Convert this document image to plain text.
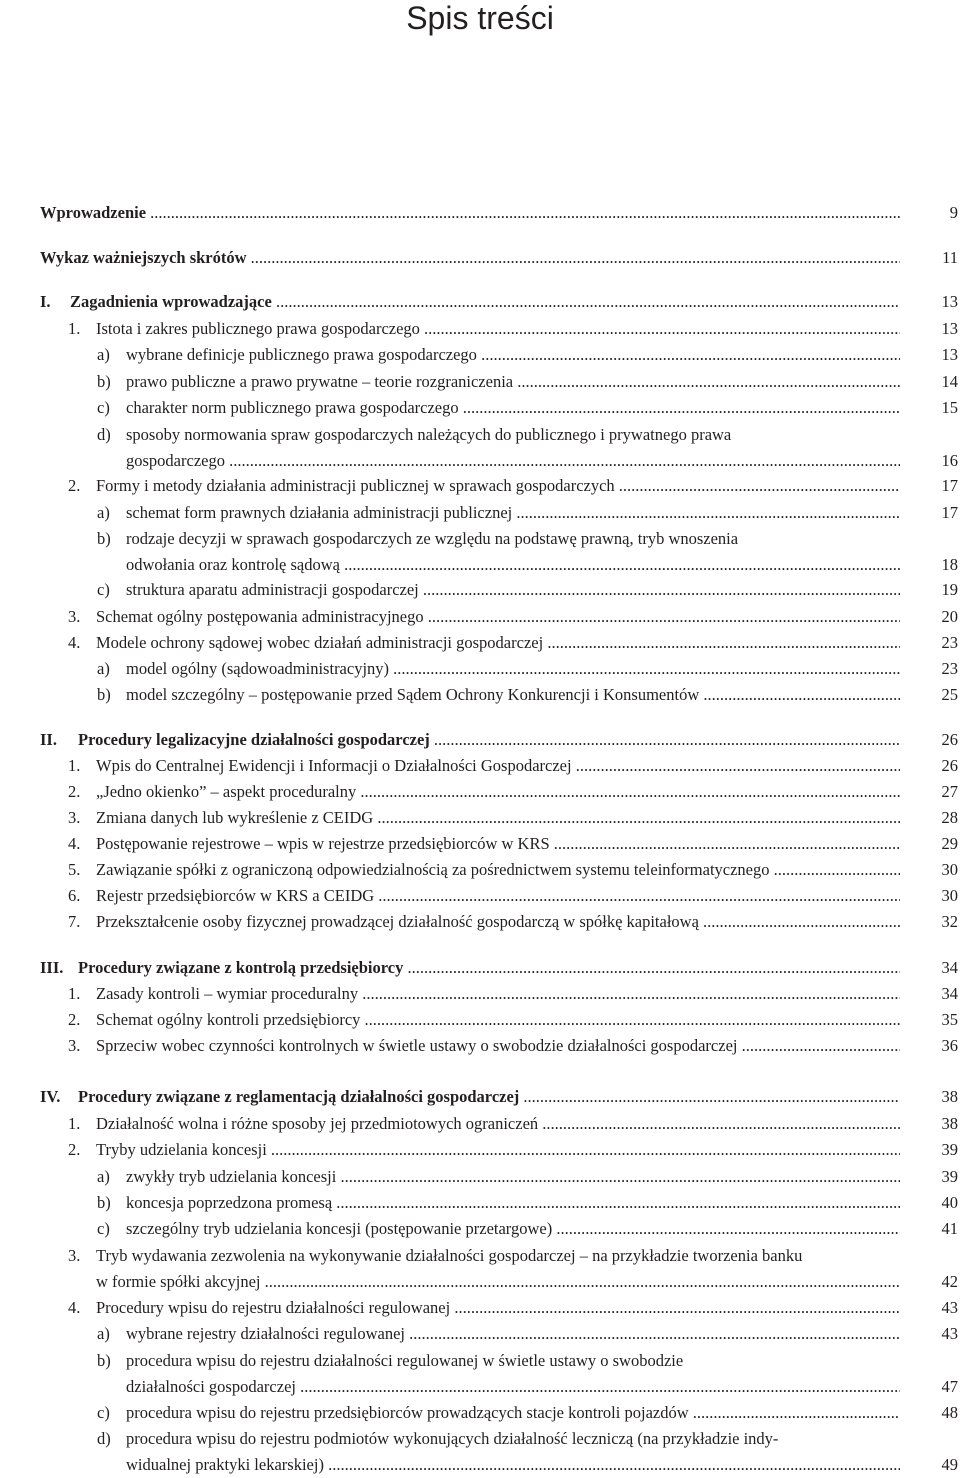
Spis treści
Wprowadzenie .....	9
Wykaz ważniejszych skrótów .....	11
I. Zagadnienia wprowadzające .....	13
1. Istota i zakres publicznego prawa gospodarczego .....	13
a) wybrane definicje publicznego prawa gospodarczego .....	13
b) prawo publiczne a prawo prywatne – teorie rozgraniczenia .....	14
c) charakter norm publicznego prawa gospodarczego .....	15
d) sposoby normowania spraw gospodarczych należących do publicznego i prywatnego prawa
gospodarczego .....	16
2. Formy i metody działania administracji publicznej w sprawach gospodarczych .....	17
a) schemat form prawnych działania administracji publicznej .....	17
b) rodzaje decyzji w sprawach gospodarczych ze względu na podstawę prawną, tryb wnoszenia
odwołania oraz kontrolę sądową .....	18
c) struktura aparatu administracji gospodarczej .....	19
3. Schemat ogólny postępowania administracyjnego .....	20
4. Modele ochrony sądowej wobec działań administracji gospodarczej .....	23
a) model ogólny (sądowoadministracyjny) .....	23
b) model szczególny – postępowanie przed Sądem Ochrony Konkurencji i Konsumentów .....	25
II. Procedury legalizacyjne działalności gospodarczej .....	26
1. Wpis do Centralnej Ewidencji i Informacji o Działalności Gospodarczej .....	26
2. „Jedno okienko” – aspekt proceduralny .....	27
3. Zmiana danych lub wykreślenie z CEIDG .....	28
4. Postępowanie rejestrowe – wpis w rejestrze przedsiębiorców w KRS .....	29
5. Zawiązanie spółki z ograniczoną odpowiedzialnością za pośrednictwem systemu teleinformatycznego .....	30
6. Rejestr przedsiębiorców w KRS a CEIDG .....	30
7. Przekształcenie osoby fizycznej prowadzącej działalność gospodarczą w spółkę kapitałową .....	32
III. Procedury związane z kontrolą przedsiębiorcy .....	34
1. Zasady kontroli – wymiar proceduralny .....	34
2. Schemat ogólny kontroli przedsiębiorcy .....	35
3. Sprzeciw wobec czynności kontrolnych w świetle ustawy o swobodzie działalności gospodarczej .....	36
IV. Procedury związane z reglamentacją działalności gospodarczej .....	38
1. Działalność wolna i różne sposoby jej przedmiotowych ograniczeń .....	38
2. Tryby udzielania koncesji .....	39
a) zwykły tryb udzielania koncesji .....	39
b) koncesja poprzedzona promesą .....	40
c) szczególny tryb udzielania koncesji (postępowanie przetargowe) .....	41
3. Tryb wydawania zezwolenia na wykonywanie działalności gospodarczej – na przykładzie tworzenia banku
w formie spółki akcyjnej .....	42
4. Procedury wpisu do rejestru działalności regulowanej .....	43
a) wybrane rejestry działalności regulowanej .....	43
b) procedura wpisu do rejestru działalności regulowanej w świetle ustawy o swobodzie
działalności gospodarczej .....	47
c) procedura wpisu do rejestru przedsiębiorców prowadzących stacje kontroli pojazdów .....	48
d) procedura wpisu do rejestru podmiotów wykonujących działalność leczniczą (na przykładzie indy-
widualnej praktyki lekarskiej) .....	49
